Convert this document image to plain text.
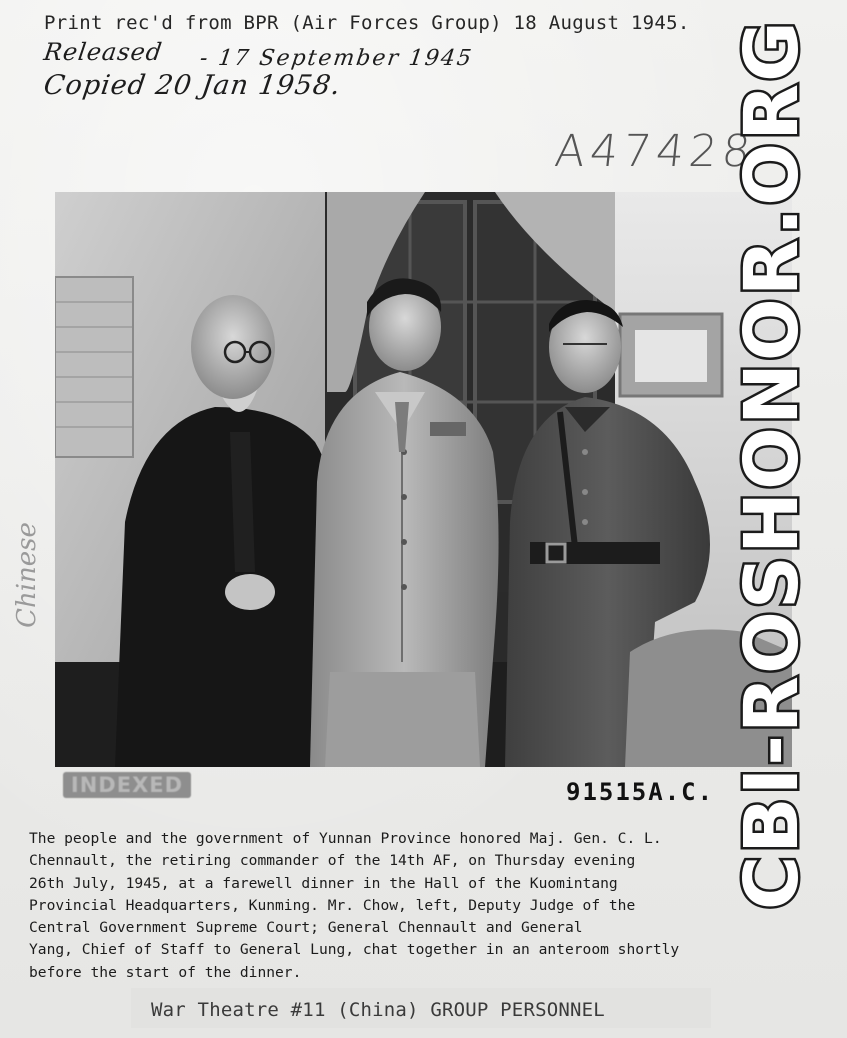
Print rec'd from BPR (Air Forces Group) 18 August 1945.
Released - 17 September 1945
Copied 20 Jan 1958.
A47428
Chinese
INDEXED	91515A.C.
The people and the government of Yunnan Province honored Maj. Gen. C. L.
Chennault, the retiring commander of the 14th AF, on Thursday evening
26th July, 1945, at a farewell dinner in the Hall of the Kuomintang
Provincial Headquarters, Kunming. Mr. Chow, left, Deputy Judge of the
Central Government Supreme Court; General Chennault and General
Yang, Chief of Staff to General Lung, chat together in an anteroom shortly
before the start of the dinner.
War Theatre #11 (China) GROUP PERSONNEL
CBI-ROSHONOR.ORG
